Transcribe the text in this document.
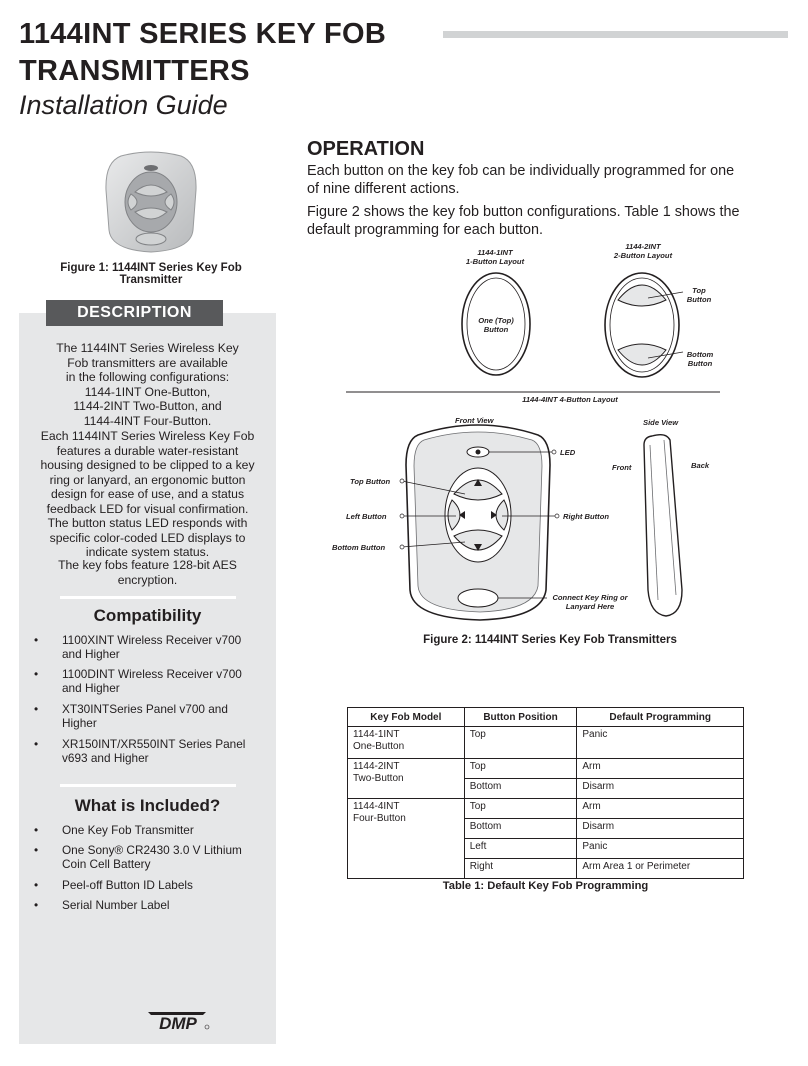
1144INT SERIES KEY FOB
TRANSMITTERS
Installation Guide
Figure 1: 1144INT Series Key Fob
Transmitter
DESCRIPTION
The 1144INT Series Wireless Key
Fob transmitters are available
in the following configurations:
1144-1INT One-Button,
1144-2INT Two-Button, and
1144-4INT Four-Button.
Each 1144INT Series Wireless Key Fob
features a durable water-resistant
housing designed to be clipped to a key
ring or lanyard, an ergonomic button
design for ease of use, and a status
feedback LED for visual confirmation.
The button status LED responds with
specific color-coded LED displays to
indicate system status.
The key fobs feature 128-bit AES
encryption.
Compatibility
• 1100XINT Wireless Receiver v700
and Higher
• 1100DINT Wireless Receiver v700
and Higher
• XT30INTSeries Panel v700 and
Higher
• XR150INT/XR550INT Series Panel
v693 and Higher
What is Included?
• One Key Fob Transmitter
• One Sony® CR2430 3.0 V Lithium
Coin Cell Battery
• Peel-off Button ID Labels
• Serial Number Label
DMP
OPERATION
Each button on the key fob can be individually programmed for one
of nine different actions.
Figure 2 shows the key fob button configurations. Table 1 shows the
default programming for each button.
1144-1INT
1-Button Layout
One (Top)
Button
1144-2INT
2-Button Layout
Top
Button
Bottom
Button
1144-4INT 4-Button Layout
Front View	Side View
LED
Top Button
Left Button
Bottom Button
Right Button
Connect Key Ring or
Lanyard Here
Front	Back
Figure 2: 1144INT Series Key Fob Transmitters
Key Fob Model	Button Position	Default Programming

1144-1INT
One-Button	Top	Panic

1144-2INT
Two-Button	Top	Arm
	Bottom	Disarm

1144-4INT
Four-Button	Top	Arm
	Bottom	Disarm
	Left	Panic
	Right	Arm Area 1 or Perimeter
Table 1: Default Key Fob Programming
